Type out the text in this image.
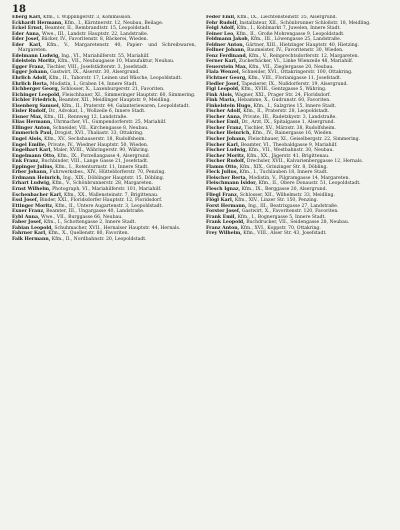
18

Eberg Karl, Kfm., I. Wipplingerstr. 3, Kommission.

Eckhardt Hermann, Kfm., I., Kärntnerstr. 12, Neubau, Beilage.

Eckel Ernst, Beamter, II., Rembrandtstr. 15, Leopoldstadt.

Eder Anna, Wwe., III., Landstr. Hauptstr. 22, Landstraße.

Eder Josef, Bäcker, IV., Favoritenstr. 8, Bäckerei, Wieden.

Eder Karl, Kfm., V., Margaretenstr. 40, Papier- und Schreibwaren, Margareten.

Edelmann Ludwig, Ing., VI., Mariahilferstr. 55, Mariahilf.

Edelstein Moritz, Kfm., VII., Neubaugasse 10, Manufaktur, Neubau.

Egger Franz, Tischler, VIII., Josefstädterstr. 3, Josefstadt.

Egger Johann, Gastwirt, IX., Alserstr. 30, Alsergrund.

Ehrlich Adolf, Kfm., II., Taborstr. 17, Leinen und Wäsche, Leopoldstadt.

Ehrlich Berta, Modistin, I., Graben 14, Innere Stadt.

Eichberger Georg, Schlosser, X., Laxenburgerstr. 21, Favoriten.

Eichinger Leopold, Fleischhauer, XI., Simmeringer Hauptstr. 60, Simmering.

Eichler Friedrich, Beamter, XII., Meidlinger Hauptstr. 9, Meidling.

Eisenberg Samuel, Kfm., II., Praterstr. 44, Galanteriewaren, Leopoldstadt.

Eisler Rudolf, Dr., Advokat, I., Wollzeile 6, Innere Stadt.

Eisner Max, Kfm., III., Rennweg 12, Landstraße.

Elias Hermann, Uhrmacher, VI., Gumpendorferstr. 25, Mariahilf.

Ellinger Anton, Schneider, VII., Kirchengasse 8, Neubau.

Emmerich Paul, Drogist, XVI., Thaliastr. 33, Ottakring.

Engel Alois, Kfm., XV., Sechshauserstr. 18, Rudolfsheim.

Engel Emilie, Private, IV., Wiedner Hauptstr. 50, Wieden.

Engelhart Karl, Maler, XVIII., Währingerstr. 90, Währing.

Engelmann Otto, Kfm., IX., Porzellangasse 4, Alsergrund.

Enk Franz, Buchbinder, VIII., Lange Gasse 21, Josefstadt.

Eppinger Julius, Kfm., I., Rotenturmstr. 11, Innere Stadt.

Erber Johann, Fuhrwerksbes., XIV., Hütteldorferstr. 70, Penzing.

Erdmann Heinrich, Ing., XIX., Döblinger Hauptstr. 15, Döbling.

Erhart Ludwig, Kfm., V., Schönbrunnerstr. 28, Margareten.

Ernst Wilhelm, Photograph, VI., Mariahilferstr. 101, Mariahilf.

Eschenbacher Karl, Kfm., XX., Wallensteinstr. 7, Brigittenau.

Essl Josef, Binder, XXI., Floridsdorfer Hauptstr. 12, Floridsdorf.

Ettinger Moritz, Kfm., II., Untere Augartenstr. 3, Leopoldstadt.

Exner Franz, Beamter, III., Ungargasse 40, Landstraße.

Eybl Anna, Wwe., VII., Burggasse 66, Neubau.

Faber Josef, Kfm., I., Schottengasse 2, Innere Stadt.

Fabian Leopold, Schuhmacher, XVII., Hernalser Hauptstr. 44, Hernals.

Fahrner Karl, Kfm., X., Quellenstr. 80, Favoriten.

Falk Hermann, Kfm., II., Nordbahnstr. 20, Leopoldstadt.

Feder Emil, Kfm., IX., Liechtensteinstr. 35, Alsergrund.

Fehr Rudolf, Installateur, XII., Schönbrunner Schloßstr. 18, Meidling.

Feigl Adolf, Kfm., I., Kohlmarkt 7, Juwelen, Innere Stadt.

Feiner Leo, Kfm., II., Große Mohrengasse 9, Leopoldstadt.

Feldmann Jakob, Kfm., III., Löwengasse 25, Landstraße.

Feldner Anton, Gärtner, XIII., Hietzinger Hauptstr. 40, Hietzing.

Fellner Johann, Baumeister, IV., Favoritenstr. 30, Wieden.

Fenz Ferdinand, Kfm., V., Reinprechtsdorferstr. 12, Margareten.

Ferner Karl, Zuckerbäcker, VI., Linke Wienzeile 48, Mariahilf.

Feuerstein Max, Kfm., VII., Zieglergasse 20, Neubau.

Fiala Wenzel, Schneider, XVI., Ottakringerstr. 100, Ottakring.

Fichtner Georg, Kfm., VIII., Florianigasse 11, Josefstadt.

Fiedler Josef, Tapezierer, IX., Nußdorferstr. 19, Alsergrund.

Figl Leopold, Kfm., XVIII., Gentzgasse 5, Währing.

Fink Alois, Wagner, XXI., Prager Str. 24, Floridsdorf.

Fink Maria, Hebamme, X., Gudrunstr. 60, Favoriten.

Finkelstein Hugo, Kfm., I., Salzgries 15, Innere Stadt.

Fischer Adolf, Kfm., II., Praterstr. 28, Leopoldstadt.

Fischer Anna, Private, III., Radetzkystr. 3, Landstraße.

Fischer Emil, Dr., Arzt, IX., Spitalgasse 1, Alsergrund.

Fischer Franz, Tischler, XV., Märzstr. 38, Rudolfsheim.

Fischer Heinrich, Kfm., IV., Rainergasse 16, Wieden.

Fischer Johann, Fleischhauer, XI., Geiselbergstr. 22, Simmering.

Fischer Karl, Beamter, VI., Theobaldgasse 9, Mariahilf.

Fischer Ludwig, Kfm., VII., Westbahnstr. 30, Neubau.

Fischer Moritz, Kfm., XX., Jägerstr. 41, Brigittenau.

Fischer Rudolf, Drechsler, XVII., Kalvarienberggasse 12, Hernals.

Flamm Otto, Kfm., XIX., Grinzinger Str. 8, Döbling.

Fleck Julius, Kfm., I., Tuchlauben 18, Innere Stadt.

Fleischer Berta, Modistin, V., Pilgramgasse 14, Margareten.

Fleischmann Isidor, Kfm., II., Obere Donaustr. 51, Leopoldstadt.

Flesch Ignaz, Kfm., IX., Berggasse 20, Alsergrund.

Fliegl Franz, Schlosser, XII., Wilhelmstr. 33, Meidling.

Flögl Karl, Kfm., XIV., Linzer Str. 150, Penzing.

Forst Hermann, Ing., III., Beatrixgasse 27, Landstraße.

Forster Josef, Gastwirt, X., Favoritenstr. 120, Favoriten.

Frank Emil, Kfm., I., Bognergasse 5, Innere Stadt.

Frank Leopold, Buchdrucker, VII., Seidengasse 28, Neubau.

Franz Anton, Kfm., XVI., Koppstr. 70, Ottakring.

Frey Wilhelm, Kfm., VIII., Alser Str. 43, Josefstadt.
